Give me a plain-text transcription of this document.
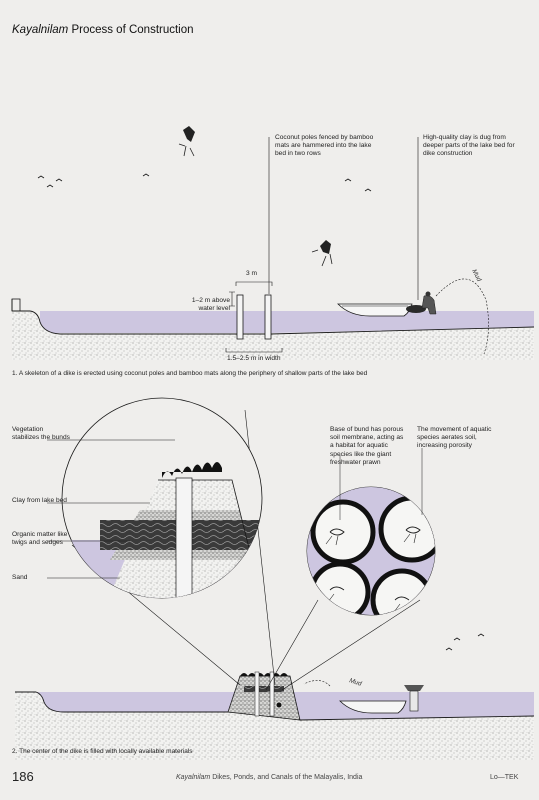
Kayalnilam Process of Construction
Coconut poles fenced by bamboo mats are hammered into the lake bed in two rows
High-quality clay is dug from deeper parts of the lake bed for dike construction
3 m
1–2 m above water level
1.5–2.5 m in width
Mud
1. A skeleton of a dike is erected using coconut poles and bamboo mats along the periphery of shallow parts of the lake bed
Vegetation stabilizes the bunds
Clay from lake bed
Organic matter like twigs and sedges
Sand
Base of bund has porous soil membrane, acting as a habitat for aquatic species like the giant freshwater prawn
The movement of aquatic species aerates soil, increasing porosity
Mud
2. The center of the dike is filled with locally available materials
186	Kayalnilam Dikes, Ponds, and Canals of the Malayalis, India	Lo—TEK
